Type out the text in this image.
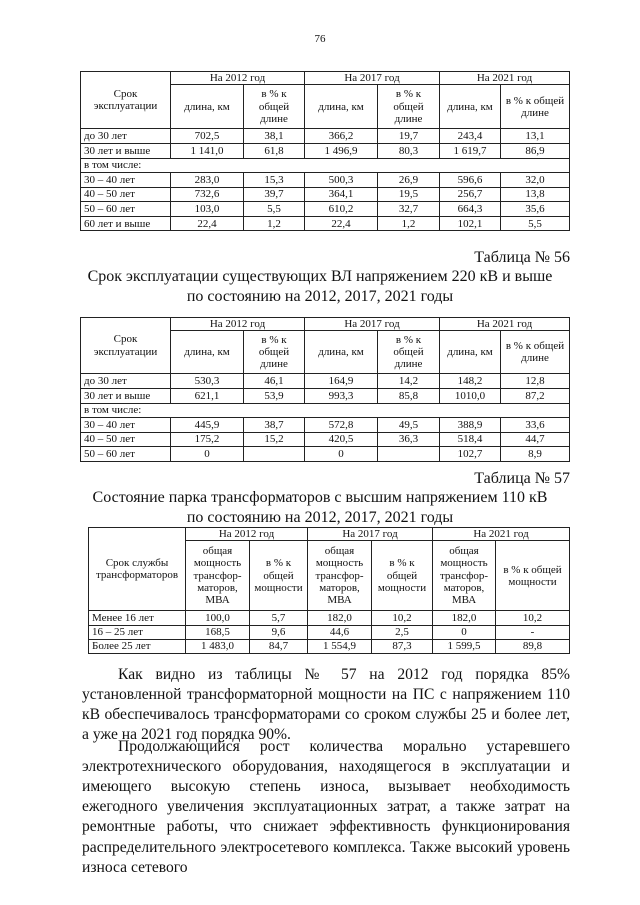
76
Срок эксплуатации	На 2012 год		На 2017 год		На 2021 год	
	длина, км	в % к общей длине	длина, км	в % к общей длине	длина, км	в % к общей длине
до 30 лет	702,5	38,1	366,2	19,7	243,4	13,1
30 лет и выше	1 141,0	61,8	1 496,9	80,3	1 619,7	86,9
в том числе:						
30 – 40 лет	283,0	15,3	500,3	26,9	596,6	32,0
40 – 50 лет	732,6	39,7	364,1	19,5	256,7	13,8
50 – 60 лет	103,0	5,5	610,2	32,7	664,3	35,6
60 лет и выше	22,4	1,2	22,4	1,2	102,1	5,5
Таблица № 56
Срок эксплуатации существующих ВЛ напряжением 220 кВ и выше
по состоянию на 2012, 2017, 2021 годы
Срок эксплуатации	На 2012 год		На 2017 год		На 2021 год	
	длина, км	в % к общей длине	длина, км	в % к общей длине	длина, км	в % к общей длине
до 30 лет	530,3	46,1	164,9	14,2	148,2	12,8
30 лет и выше	621,1	53,9	993,3	85,8	1010,0	87,2
в том числе:						
30 – 40 лет	445,9	38,7	572,8	49,5	388,9	33,6
40 – 50 лет	175,2	15,2	420,5	36,3	518,4	44,7
50 – 60 лет	0		0		102,7	8,9
Таблица № 57
Состояние парка трансформаторов с высшим напряжением 110 кВ
по состоянию на 2012, 2017, 2021 годы
Срок службы трансформаторов	На 2012 год		На 2017 год		На 2021 год	
	общая мощность трансфор-маторов, МВА	в % к общей мощности	общая мощность трансфор-маторов, МВА	в % к общей мощности	общая мощность трансфор-маторов, МВА	в % к общей мощности
Менее 16 лет	100,0	5,7	182,0	10,2	182,0	10,2
16 – 25 лет	168,5	9,6	44,6	2,5	0	-
Более 25 лет	1 483,0	84,7	1 554,9	87,3	1 599,5	89,8

Как видно из таблицы № 57 на 2012 год порядка 85% установленной трансформаторной мощности на ПС с напряжением 110 кВ обеспечивалось трансформаторами со сроком службы 25 и более лет, а уже на 2021 год порядка 90%.

Продолжающийся рост количества морально устаревшего электротехнического оборудования, находящегося в эксплуатации и имеющего высокую степень износа, вызывает необходимость ежегодного увеличения эксплуатационных затрат, а также затрат на ремонтные работы, что снижает эффективность функционирования распределительного электросетевого комплекса. Также высокий уровень износа сетевого
